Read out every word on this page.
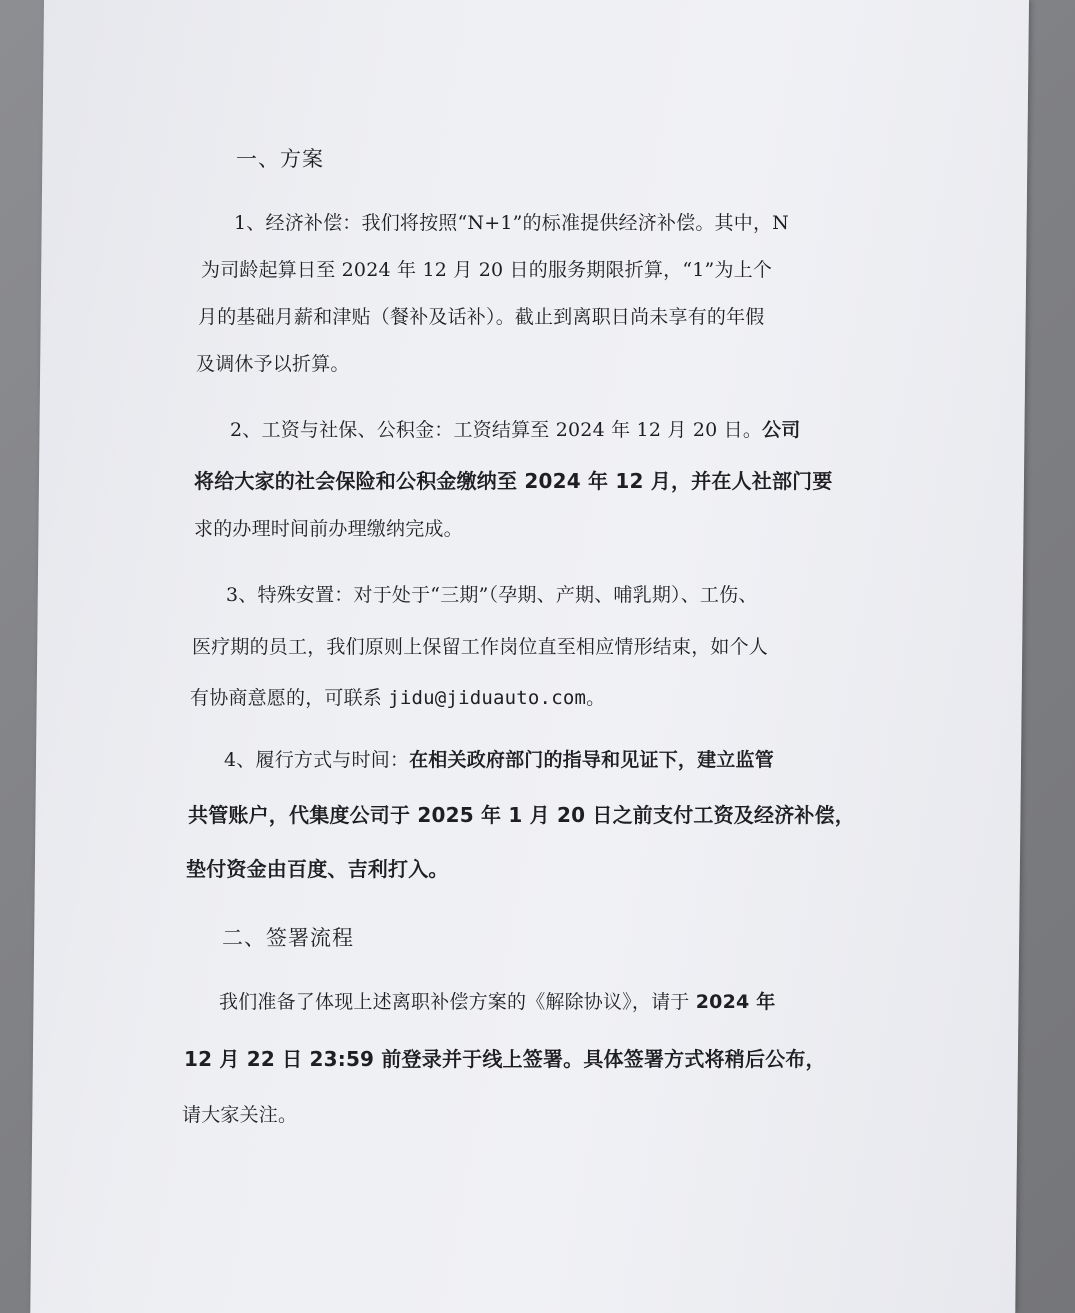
一、方案
1、经济补偿：我们将按照“N+1”的标准提供经济补偿。其中，N
为司龄起算日至 2024 年 12 月 20 日的服务期限折算，“1”为上个
月的基础月薪和津贴（餐补及话补）。截止到离职日尚未享有的年假
及调休予以折算。
2、工资与社保、公积金：工资结算至 2024 年 12 月 20 日。公司
将给大家的社会保险和公积金缴纳至 2024 年 12 月，并在人社部门要
求的办理时间前办理缴纳完成。
3、特殊安置：对于处于“三期”（孕期、产期、哺乳期）、工伤、
医疗期的员工，我们原则上保留工作岗位直至相应情形结束，如个人
有协商意愿的，可联系 jidu@jiduauto.com。
4、履行方式与时间：在相关政府部门的指导和见证下，建立监管
共管账户，代集度公司于 2025 年 1 月 20 日之前支付工资及经济补偿，
垫付资金由百度、吉利打入。
二、签署流程
我们准备了体现上述离职补偿方案的《解除协议》，请于 2024 年
12 月 22 日 23:59 前登录并于线上签署。具体签署方式将稍后公布，
请大家关注。
